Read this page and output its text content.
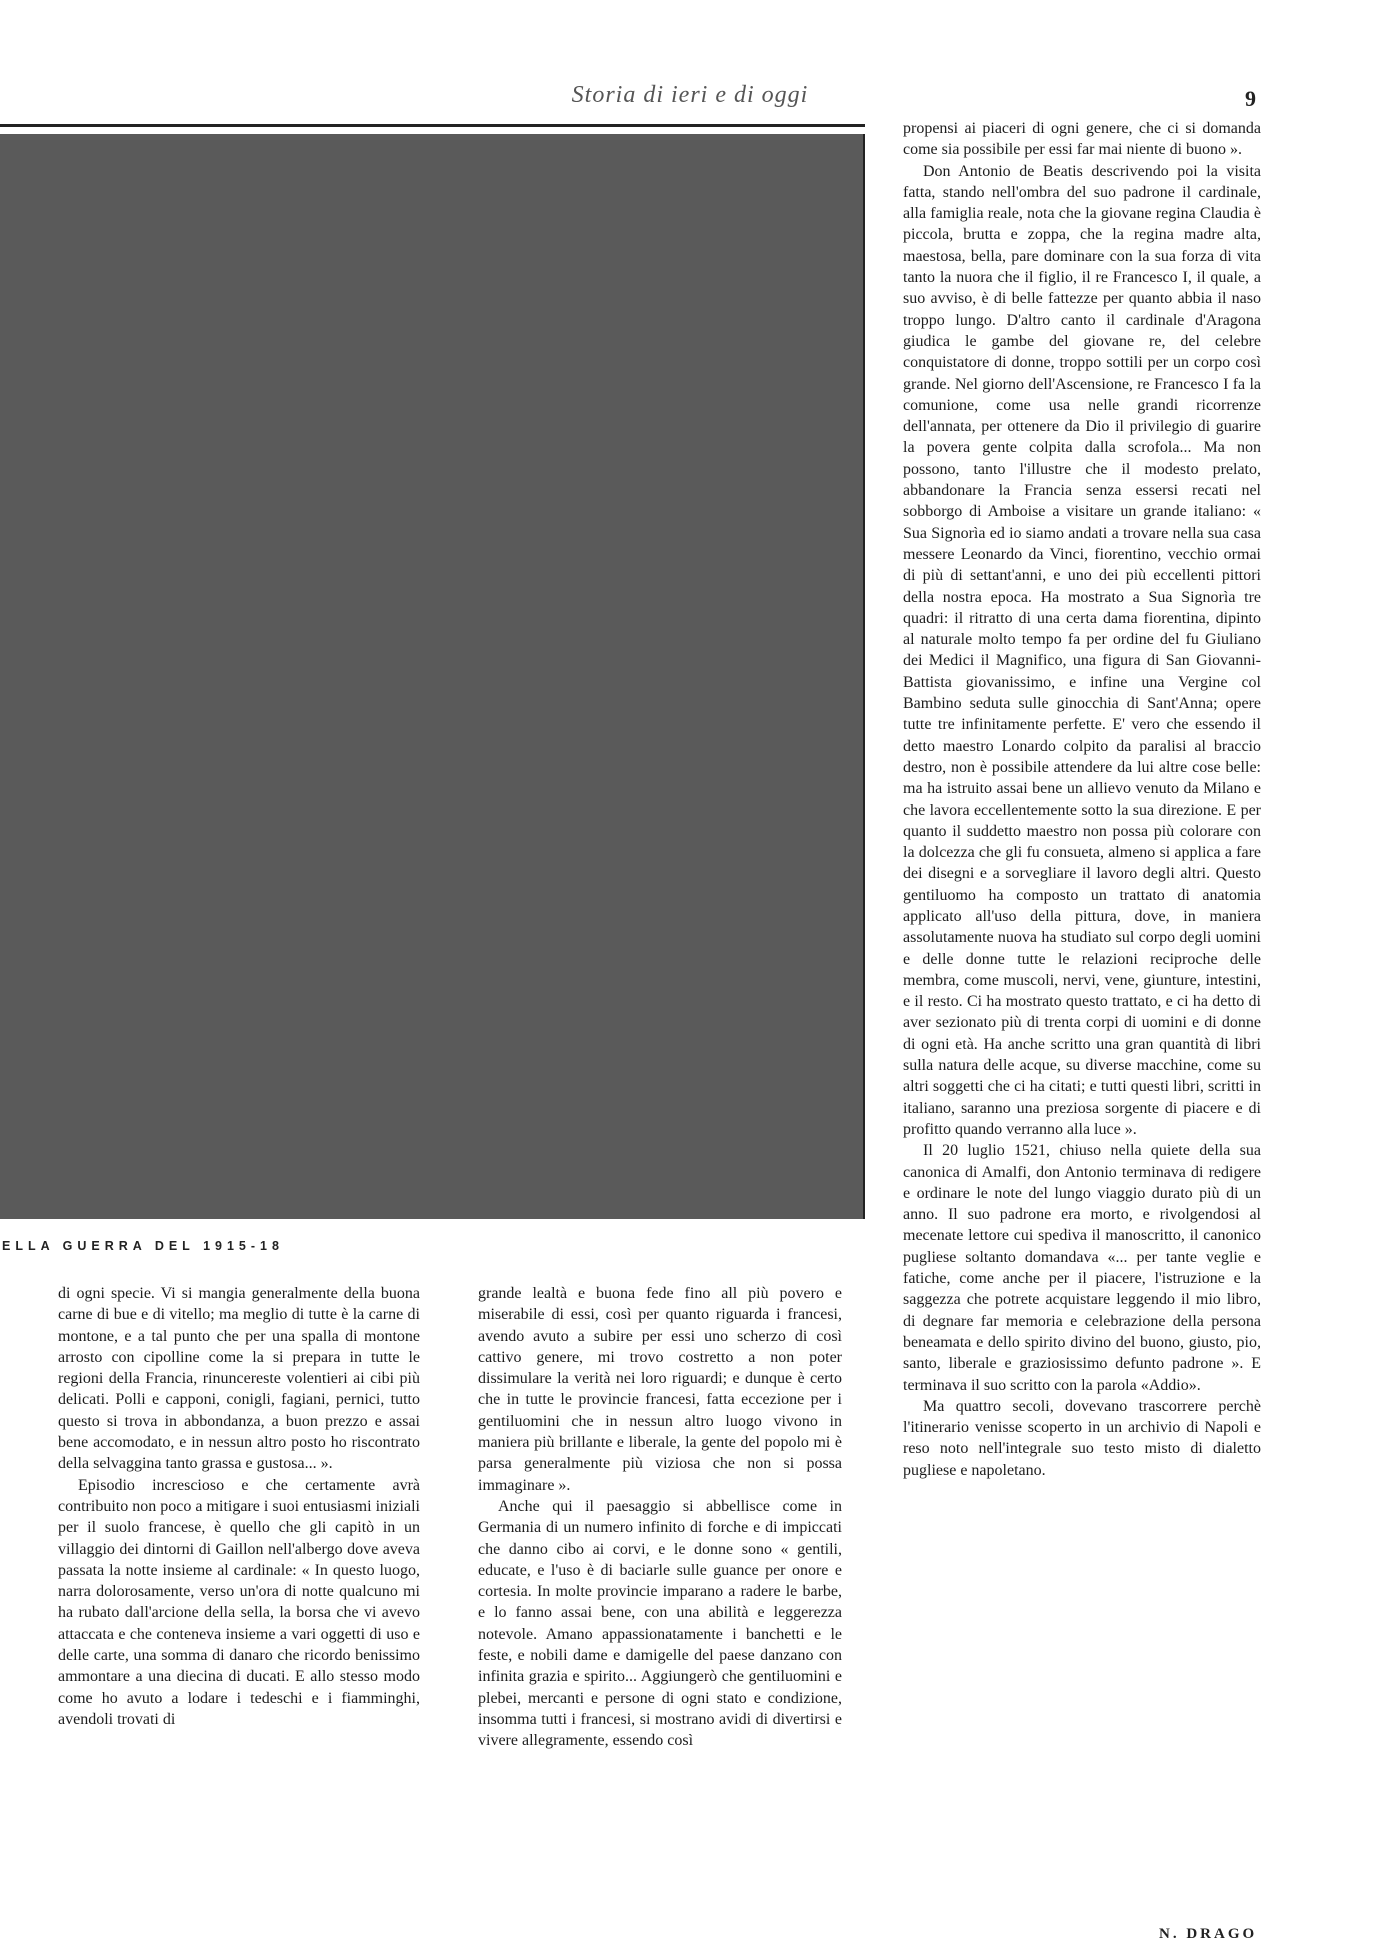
Storia di ieri e di oggi	9
ELLA GUERRA DEL 1915-18

propensi ai piaceri di ogni genere, che ci si domanda come sia possibile per essi far mai niente di buono ».

Don Antonio de Beatis descrivendo poi la visita fatta, stando nell'ombra del suo padrone il cardinale, alla famiglia reale, nota che la giovane regina Claudia è piccola, brutta e zoppa, che la regina madre alta, maestosa, bella, pare dominare con la sua forza di vita tanto la nuora che il figlio, il re Francesco I, il quale, a suo avviso, è di belle fattezze per quanto abbia il naso troppo lungo. D'altro canto il cardinale d'Aragona giudica le gambe del giovane re, del celebre conquistatore di donne, troppo sottili per un corpo così grande. Nel giorno dell'Ascensione, re Francesco I fa la comunione, come usa nelle grandi ricorrenze dell'annata, per ottenere da Dio il privilegio di guarire la povera gente colpita dalla scrofola... Ma non possono, tanto l'illustre che il modesto prelato, abbandonare la Francia senza essersi recati nel sobborgo di Amboise a visitare un grande italiano: « Sua Signorìa ed io siamo andati a trovare nella sua casa messere Leonardo da Vinci, fiorentino, vecchio ormai di più di settant'anni, e uno dei più eccellenti pittori della nostra epoca. Ha mostrato a Sua Signorìa tre quadri: il ritratto di una certa dama fiorentina, dipinto al naturale molto tempo fa per ordine del fu Giuliano dei Medici il Magnifico, una figura di San Giovanni-Battista giovanissimo, e infine una Vergine col Bambino seduta sulle ginocchia di Sant'Anna; opere tutte tre infinitamente perfette. E' vero che essendo il detto maestro Lonardo colpito da paralisi al braccio destro, non è possibile attendere da lui altre cose belle: ma ha istruito assai bene un allievo venuto da Milano e che lavora eccellentemente sotto la sua direzione. E per quanto il suddetto maestro non possa più colorare con la dolcezza che gli fu consueta, almeno si applica a fare dei disegni e a sorvegliare il lavoro degli altri. Questo gentiluomo ha composto un trattato di anatomia applicato all'uso della pittura, dove, in maniera assolutamente nuova ha studiato sul corpo degli uomini e delle donne tutte le relazioni reciproche delle membra, come muscoli, nervi, vene, giunture, intestini, e il resto. Ci ha mostrato questo trattato, e ci ha detto di aver sezionato più di trenta corpi di uomini e di donne di ogni età. Ha anche scritto una gran quantità di libri sulla natura delle acque, su diverse macchine, come su altri soggetti che ci ha citati; e tutti questi libri, scritti in italiano, saranno una preziosa sorgente di piacere e di profitto quando verranno alla luce ».

Il 20 luglio 1521, chiuso nella quiete della sua canonica di Amalfi, don Antonio terminava di redigere e ordinare le note del lungo viaggio durato più di un anno. Il suo padrone era morto, e rivolgendosi al mecenate lettore cui spediva il manoscritto, il canonico pugliese soltanto domandava «... per tante veglie e fatiche, come anche per il piacere, l'istruzione e la saggezza che potrete acquistare leggendo il mio libro, di degnare far memoria e celebrazione della persona beneamata e dello spirito divino del buono, giusto, pio, santo, liberale e graziosissimo defunto padrone ». E terminava il suo scritto con la parola «Addio».

Ma quattro secoli, dovevano trascorrere perchè l'itinerario venisse scoperto in un archivio di Napoli e reso noto nell'integrale suo testo misto di dialetto pugliese e napoletano.

di ogni specie. Vi si mangia generalmente della buona carne di bue e di vitello; ma meglio di tutte è la carne di montone, e a tal punto che per una spalla di montone arrosto con cipolline come la si prepara in tutte le regioni della Francia, rinuncereste volentieri ai cibi più delicati. Polli e capponi, conigli, fagiani, pernici, tutto questo si trova in abbondanza, a buon prezzo e assai bene accomodato, e in nessun altro posto ho riscontrato della selvaggina tanto grassa e gustosa... ».

Episodio increscioso e che certamente avrà contribuito non poco a mitigare i suoi entusiasmi iniziali per il suolo francese, è quello che gli capitò in un villaggio dei dintorni di Gaillon nell'albergo dove aveva passata la notte insieme al cardinale: « In questo luogo, narra dolorosamente, verso un'ora di notte qualcuno mi ha rubato dall'arcione della sella, la borsa che vi avevo attaccata e che conteneva insieme a vari oggetti di uso e delle carte, una somma di danaro che ricordo benissimo ammontare a una diecina di ducati. E allo stesso modo come ho avuto a lodare i tedeschi e i fiamminghi, avendoli trovati di

grande lealtà e buona fede fino all più povero e miserabile di essi, così per quanto riguarda i francesi, avendo avuto a subire per essi uno scherzo di così cattivo genere, mi trovo costretto a non poter dissimulare la verità nei loro riguardi; e dunque è certo che in tutte le provincie francesi, fatta eccezione per i gentiluomini che in nessun altro luogo vivono in maniera più brillante e liberale, la gente del popolo mi è parsa generalmente più viziosa che non si possa immaginare ».

Anche qui il paesaggio si abbellisce come in Germania di un numero infinito di forche e di impiccati che danno cibo ai corvi, e le donne sono « gentili, educate, e l'uso è di baciarle sulle guance per onore e cortesia. In molte provincie imparano a radere le barbe, e lo fanno assai bene, con una abilità e leggerezza notevole. Amano appassionatamente i banchetti e le feste, e nobili dame e damigelle del paese danzano con infinita grazia e spirito... Aggiungerò che gentiluomini e plebei, mercanti e persone di ogni stato e condizione, insomma tutti i francesi, si mostrano avidi di divertirsi e vivere allegramente, essendo così

N. DRAGO
